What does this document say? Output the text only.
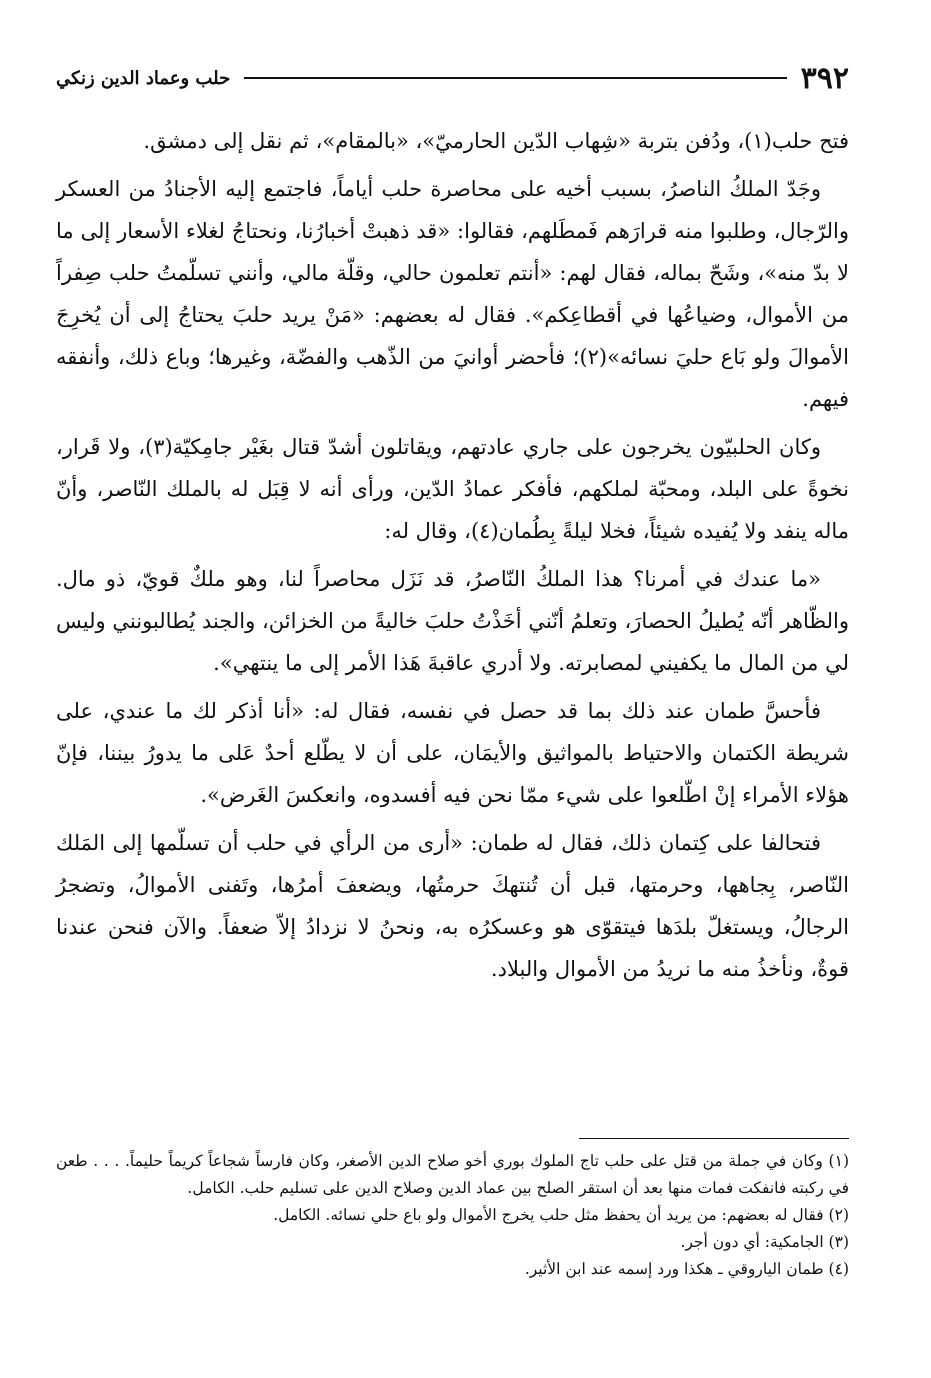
٣٩٢
حلب وعماد الدين زنكي

فتح حلب(١)، ودُفن بتربة «شِهاب الدّين الحارميّ»، «بالمقام»، ثم نقل إلى دمشق.

وجَدّ الملكُ الناصرُ، بسبب أخيه على محاصرة حلب أياماً، فاجتمع إليه الأجنادُ من العسكر والرّجال، وطلبوا منه قرارَهم فَمطَلهم، فقالوا: «قد ذهبتْ أخبارُنا، ونحتاجُ لغلاء الأسعار إلى ما لا بدّ منه»، وشَحّ بماله، فقال لهم: «أنتم تعلمون حالي، وقلّة مالي، وأنني تسلّمتُ حلب صِفراً من الأموال، وضياعُها في أقطاعِكم». فقال له بعضهم: «مَنْ يريد حلبَ يحتاجُ إلى أن يُخرِجَ الأموالَ ولو بَاع حليَ نسائه»(٢)؛ فأحضر أوانيَ من الذّهب والفضّة، وغيرها؛ وباع ذلك، وأنفقه فيهم.

وكان الحلبيّون يخرجون على جاري عادتهم، ويقاتلون أشدّ قتال بغَيْر جامِكيّة(٣)، ولا قَرار، نخوةً على البلد، ومحبّة لملكهم، فأفكر عمادُ الدّين، ورأى أنه لا قِبَل له بالملك النّاصر، وأنّ ماله ينفد ولا يُفيده شيئاً، فخلا ليلةً بِطُمان(٤)، وقال له:

«ما عندك في أمرنا؟ هذا الملكُ النّاصرُ، قد نَزَل محاصراً لنا، وهو ملكٌ قويّ، ذو مال. والظّاهر أنّه يُطيلُ الحصارَ، وتعلمُ أنّني أخَذْتُ حلبَ خاليةً من الخزائن، والجند يُطالبونني وليس لي من المال ما يكفيني لمصابرته. ولا أدري عاقبةَ هَذا الأمر إلى ما ينتهي».

فأحسَّ طمان عند ذلك بما قد حصل في نفسه، فقال له: «أنا أذكر لك ما عندي، على شريطة الكتمان والاحتياط بالمواثيق والأيمَان، على أن لا يطّلع أحدٌ عَلى ما يدورُ بيننا، فإنّ هؤلاء الأمراء إنْ اطّلعوا على شيء ممّا نحن فيه أفسدوه، وانعكسَ الغَرض».

فتحالفا على كِتمان ذلك، فقال له طمان: «أرى من الرأي في حلب أن تسلّمها إلى المَلك النّاصر، بِجاهها، وحرمتها، قبل أن تُنتهكَ حرمتُها، ويضعفَ أمرُها، وتَفنى الأموالُ، وتضجرُ الرجالُ، ويستغلّ بلدَها فيتقوّى هو وعسكرُه به، ونحنُ لا نزدادُ إلاّ ضعفاً. والآن فنحن عندنا قوةٌ، ونأخذُ منه ما نريدُ من الأموال والبلاد.

(١) وكان في جملة من قتل على حلب تاج الملوك بوري أخو صلاح الدين الأصغر، وكان فارساً شجاعاً كريماً حليماً. . . . طعن في ركبته فانفكت فمات منها بعد أن استقر الصلح بين عماد الدين وصلاح الدين على تسليم حلب. الكامل.
(٢) فقال له بعضهم: من يريد أن يحفظ مثل حلب يخرج الأموال ولو باع حلي نسائه. الكامل.
(٣) الجامكية: أي دون أجر.
(٤) طمان الياروقي ـ هكذا ورد إسمه عند ابن الأثير.
